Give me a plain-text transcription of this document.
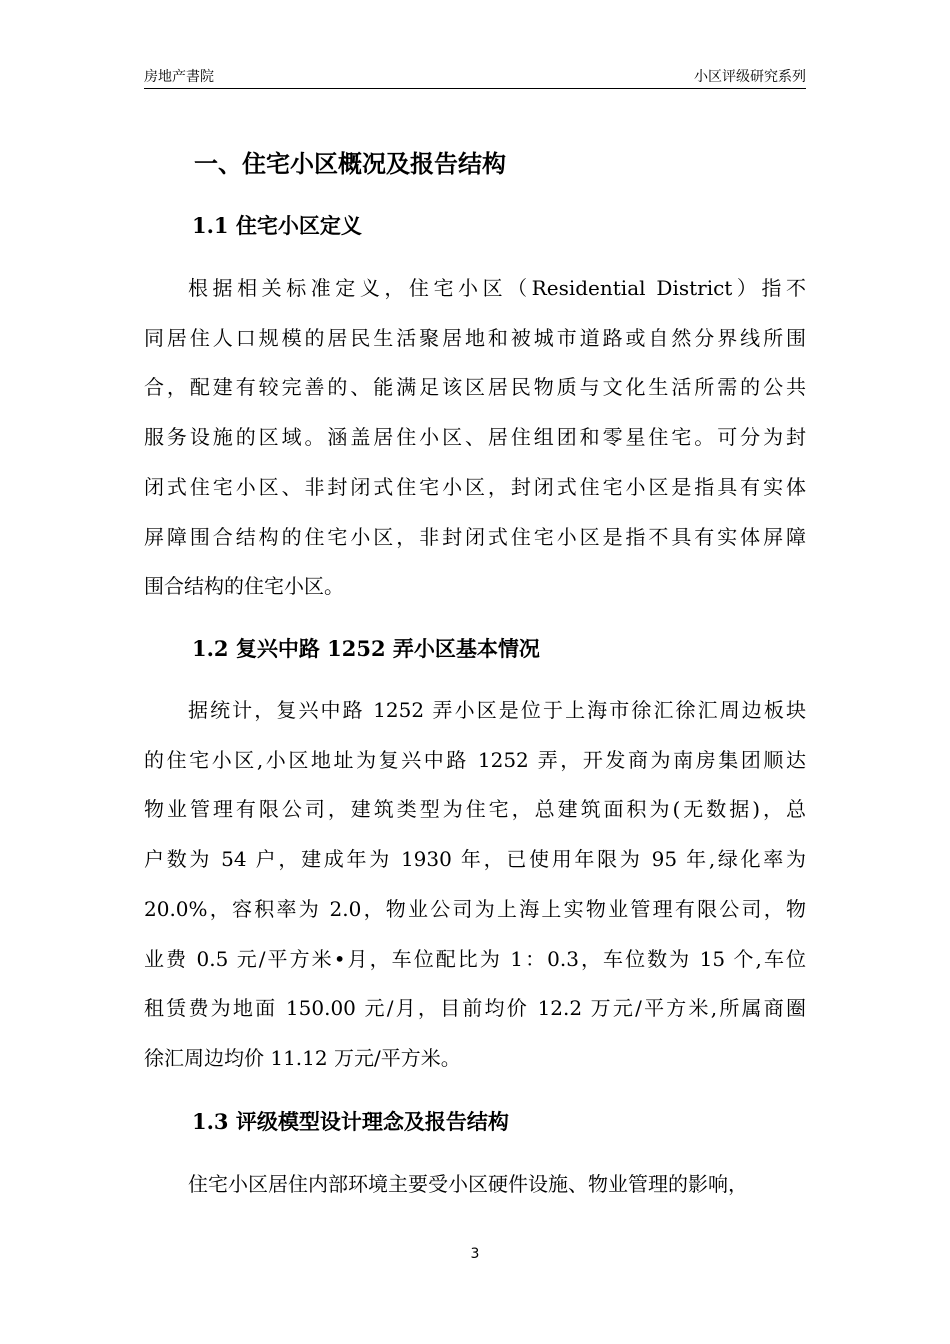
房地产書院	小区评级研究系列
一、住宅小区概况及报告结构
1.1 住宅小区定义

根据相关标准定义，住宅小区（Residential District）指不
同居住人口规模的居民生活聚居地和被城市道路或自然分界线所围
合，配建有较完善的、能满足该区居民物质与文化生活所需的公共
服务设施的区域。涵盖居住小区、居住组团和零星住宅。可分为封
闭式住宅小区、非封闭式住宅小区，封闭式住宅小区是指具有实体
屏障围合结构的住宅小区，非封闭式住宅小区是指不具有实体屏障
围合结构的住宅小区。

1.2 复兴中路 1252 弄小区基本情况

据统计，复兴中路 1252 弄小区是位于上海市徐汇徐汇周边板块
的住宅小区,小区地址为复兴中路 1252 弄，开发商为南房集团顺达
物业管理有限公司，建筑类型为住宅，总建筑面积为(无数据)，总
户数为 54 户，建成年为 1930 年，已使用年限为 95 年,绿化率为
20.0%，容积率为 2.0，物业公司为上海上实物业管理有限公司，物
业费 0.5 元/平方米•月，车位配比为 1：0.3，车位数为 15 个,车位
租赁费为地面 150.00 元/月，目前均价 12.2 万元/平方米,所属商圈
徐汇周边均价 11.12 万元/平方米。

1.3 评级模型设计理念及报告结构

住宅小区居住内部环境主要受小区硬件设施、物业管理的影响，

3
